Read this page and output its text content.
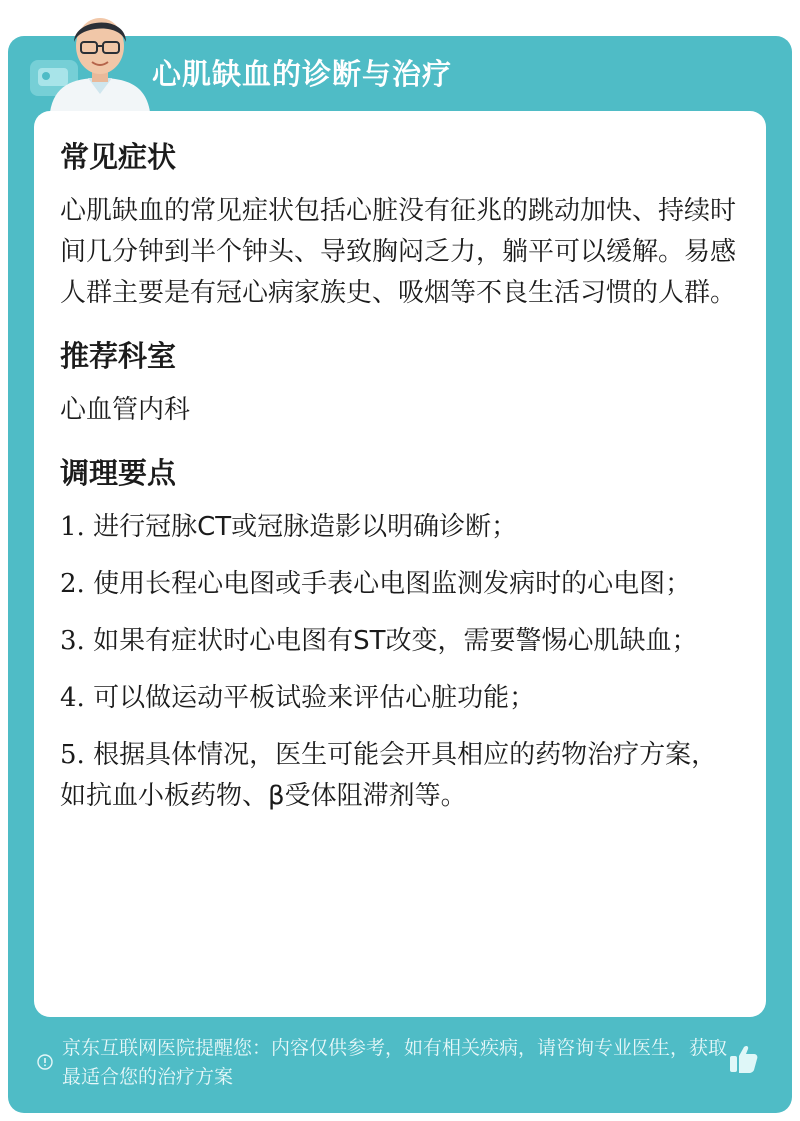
心肌缺血的诊断与治疗
常见症状

心肌缺血的常见症状包括心脏没有征兆的跳动加快、持续时间几分钟到半个钟头、导致胸闷乏力，躺平可以缓解。易感人群主要是有冠心病家族史、吸烟等不良生活习惯的人群。

推荐科室

心血管内科

调理要点
1. 进行冠脉CT或冠脉造影以明确诊断；
2. 使用长程心电图或手表心电图监测发病时的心电图；
3. 如果有症状时心电图有ST改变，需要警惕心肌缺血；
4. 可以做运动平板试验来评估心脏功能；
5. 根据具体情况，医生可能会开具相应的药物治疗方案，如抗血小板药物、β受体阻滞剂等。
京东互联网医院提醒您：内容仅供参考，如有相关疾病，请咨询专业医生，获取最适合您的治疗方案
